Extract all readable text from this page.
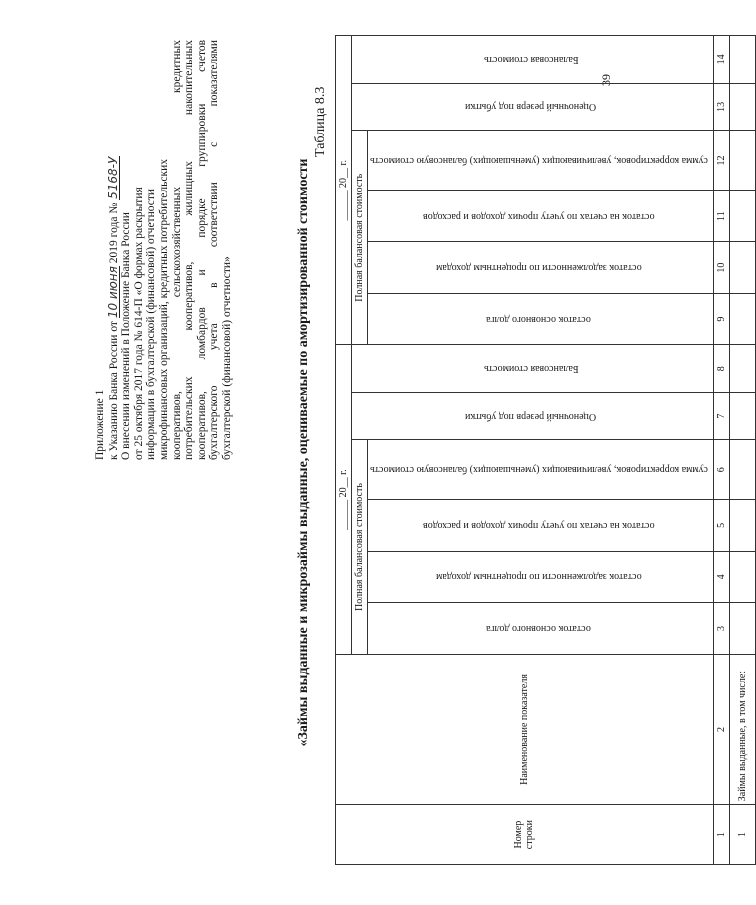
39
Приложение 1 к Указанию Банка России от 10 июня 2019 года № 5168-У
О внесении изменений в Положение Банка России от 25 октября 2017 года № 614-П «О формах раскрытия информации в бухгалтерской (финансовой) отчетности микрофинансовых организаций, кредитных потребительских кооперативов, сельскохозяйственных кредитных потребительских кооперативов, жилищных накопительных кооперативов, ломбардов и порядке группировки счетов бухгалтерского учета в соответствии с показателями бухгалтерской (финансовой) отчетности»	«Займы выданные и микрозаймы выданные, оцениваемые по амортизированной стоимости
Таблица 8.3
Номер строки	Наименование показателя	______ 20__ г.						______ 20__ г.					
		Полная балансовая стоимость				Оценочный резерв под убытки	Балансовая стоимость	Полная балансовая стоимость				Оценочный резерв под убытки	Балансовая стоимость
		остаток основного долга	остаток задолженности по процентным доходам	остаток на счетах по учету прочих доходов и расходов	сумма корректировок, увеличивающих (уменьшающих) балансовую стоимость			остаток основного долга	остаток задолженности по процентным доходам	остаток на счетах по учету прочих доходов и расходов	сумма корректировок, увеличивающих (уменьшающих) балансовую стоимость		
1	2	3	4	5	6	7	8	9	10	11	12	13	14
1	Займы выданные, в том числе:												
